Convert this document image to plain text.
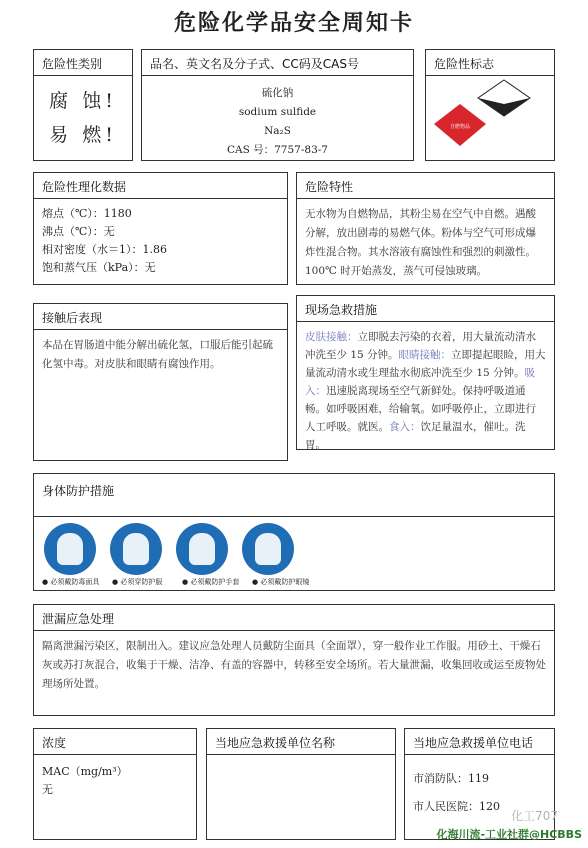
危险化学品安全周知卡
危险性类别
腐 蚀!
易 燃!
品名、英文名及分子式、CC码及CAS号
硫化钠
sodium sulfide
Na₂S
CAS 号：7757-83-7
危险性标志
自燃物品
危险性理化数据
熔点（℃）：1180
沸点（℃）：无
相对密度（水＝1）：1.86
饱和蒸气压（kPa）：无
危险特性
无水物为自燃物品，其粉尘易在空气中自燃。遇酸分解，放出剧毒的易燃气体。粉体与空气可形成爆炸性混合物。其水溶液有腐蚀性和强烈的刺激性。100℃ 时开始蒸发，蒸气可侵蚀玻璃。
接触后表现
本品在胃肠道中能分解出硫化氢，口服后能引起硫化氢中毒。对皮肤和眼睛有腐蚀作用。
现场急救措施
皮肤接触：立即脱去污染的衣着，用大量流动清水冲洗至少 15 分钟。眼睛接触：立即提起眼睑，用大量流动清水或生理盐水彻底冲洗至少 15 分钟。吸入：迅速脱离现场至空气新鲜处。保持呼吸道通畅。如呼吸困难，给输氧。如呼吸停止，立即进行人工呼吸。就医。食入：饮足量温水，催吐。洗胃。
身体防护措施
● 必须戴防毒面具	● 必须穿防护服	● 必须戴防护手套	● 必须戴防护眼镜
泄漏应急处理
隔离泄漏污染区，限制出入。建议应急处理人员戴防尘面具（全面罩），穿一般作业工作服。用砂土、干燥石灰或苏打灰混合，收集于干燥、洁净、有盖的容器中，转移至安全场所。若大量泄漏，收集回收或运至废物处理场所处置。
浓度
MAC（mg/m³）
无
当地应急救援单位名称	当地应急救援单位电话
市消防队：119
市人民医院：120
化工707
化海川流-工业社群@HCBBS
